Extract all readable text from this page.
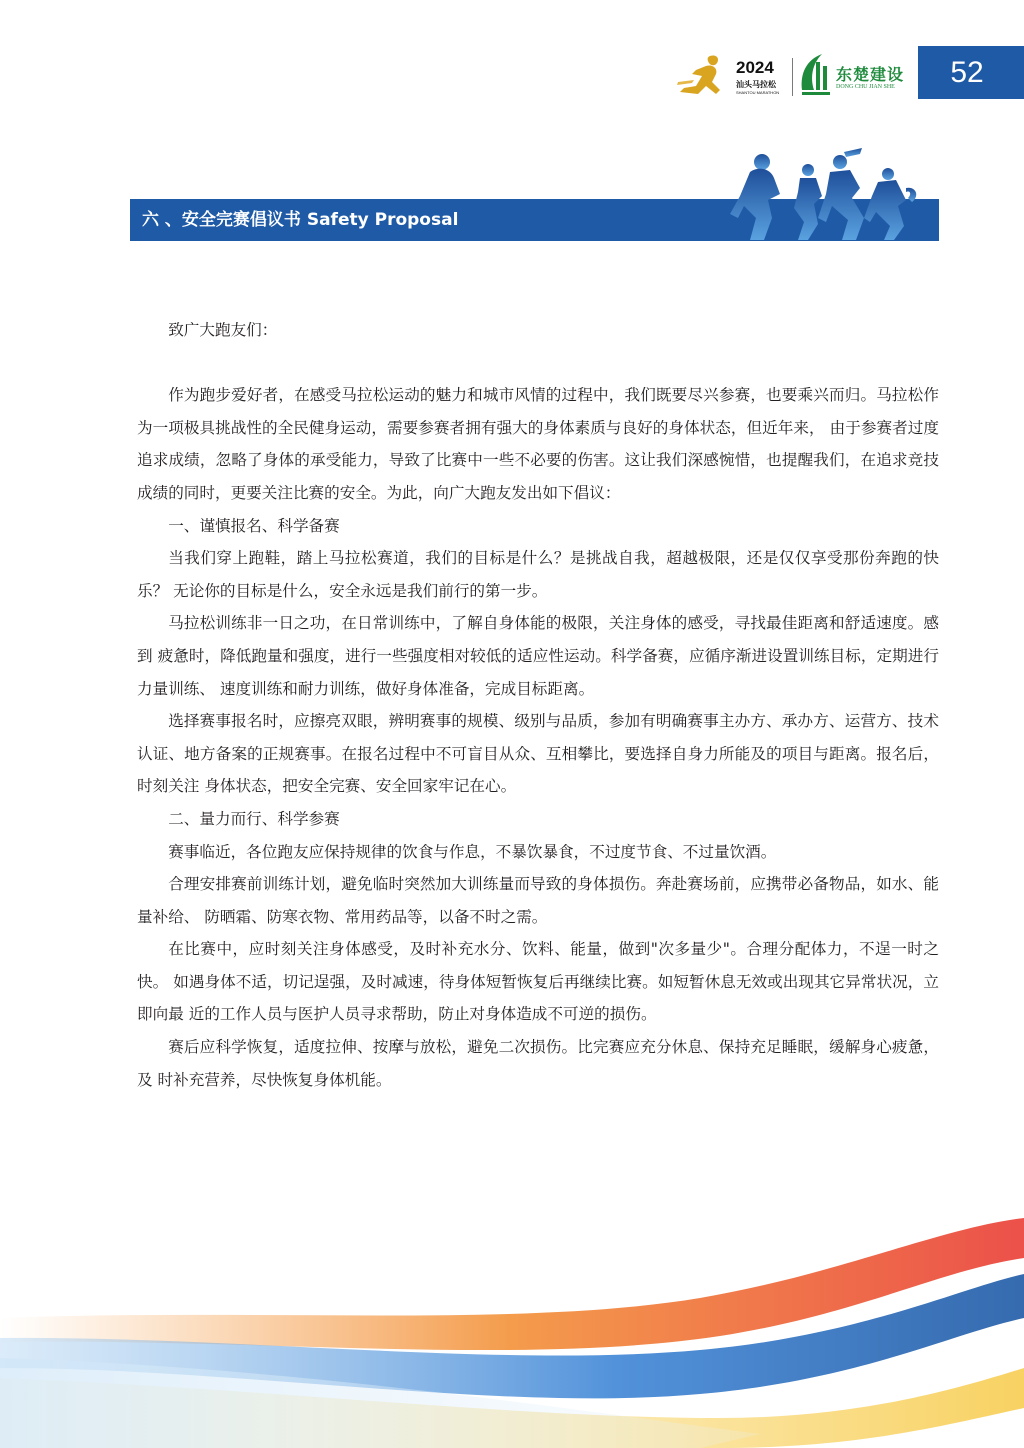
2024
汕头马拉松
SHANTOU MARATHON
东楚建设
DONG CHU JIAN SHE	52
六 、安全完赛倡议书 Safety Proposal

致广大跑友们：

作为跑步爱好者，在感受马拉松运动的魅力和城市风情的过程中，我们既要尽兴参赛，也要乘兴而归。马拉松作为一项极具挑战性的全民健身运动，需要参赛者拥有强大的身体素质与良好的身体状态，但近年来， 由于参赛者过度追求成绩，忽略了身体的承受能力，导致了比赛中一些不必要的伤害。这让我们深感惋惜，也提醒我们，在追求竞技成绩的同时，更要关注比赛的安全。为此，向广大跑友发出如下倡议：

一、谨慎报名、科学备赛

当我们穿上跑鞋，踏上马拉松赛道，我们的目标是什么？是挑战自我，超越极限，还是仅仅享受那份奔跑的快乐？ 无论你的目标是什么，安全永远是我们前行的第一步。

马拉松训练非一日之功，在日常训练中，了解自身体能的极限，关注身体的感受，寻找最佳距离和舒适速度。感到 疲惫时，降低跑量和强度，进行一些强度相对较低的适应性运动。科学备赛，应循序渐进设置训练目标，定期进行力量训练、 速度训练和耐力训练，做好身体准备，完成目标距离。

选择赛事报名时，应擦亮双眼，辨明赛事的规模、级别与品质，参加有明确赛事主办方、承办方、运营方、技术认证、地方备案的正规赛事。在报名过程中不可盲目从众、互相攀比，要选择自身力所能及的项目与距离。报名后， 时刻关注 身体状态，把安全完赛、安全回家牢记在心。

二、量力而行、科学参赛

赛事临近，各位跑友应保持规律的饮食与作息，不暴饮暴食，不过度节食、不过量饮酒。

合理安排赛前训练计划，避免临时突然加大训练量而导致的身体损伤。奔赴赛场前，应携带必备物品，如水、能量补给、 防晒霜、防寒衣物、常用药品等，以备不时之需。

在比赛中，应时刻关注身体感受，及时补充水分、饮料、能量，做到"次多量少"。合理分配体力，不逞一时之快。 如遇身体不适，切记逞强，及时减速，待身体短暂恢复后再继续比赛。如短暂休息无效或出现其它异常状况，立即向最 近的工作人员与医护人员寻求帮助，防止对身体造成不可逆的损伤。

赛后应科学恢复，适度拉伸、按摩与放松，避免二次损伤。比完赛应充分休息、保持充足睡眠，缓解身心疲惫，及 时补充营养，尽快恢复身体机能。
